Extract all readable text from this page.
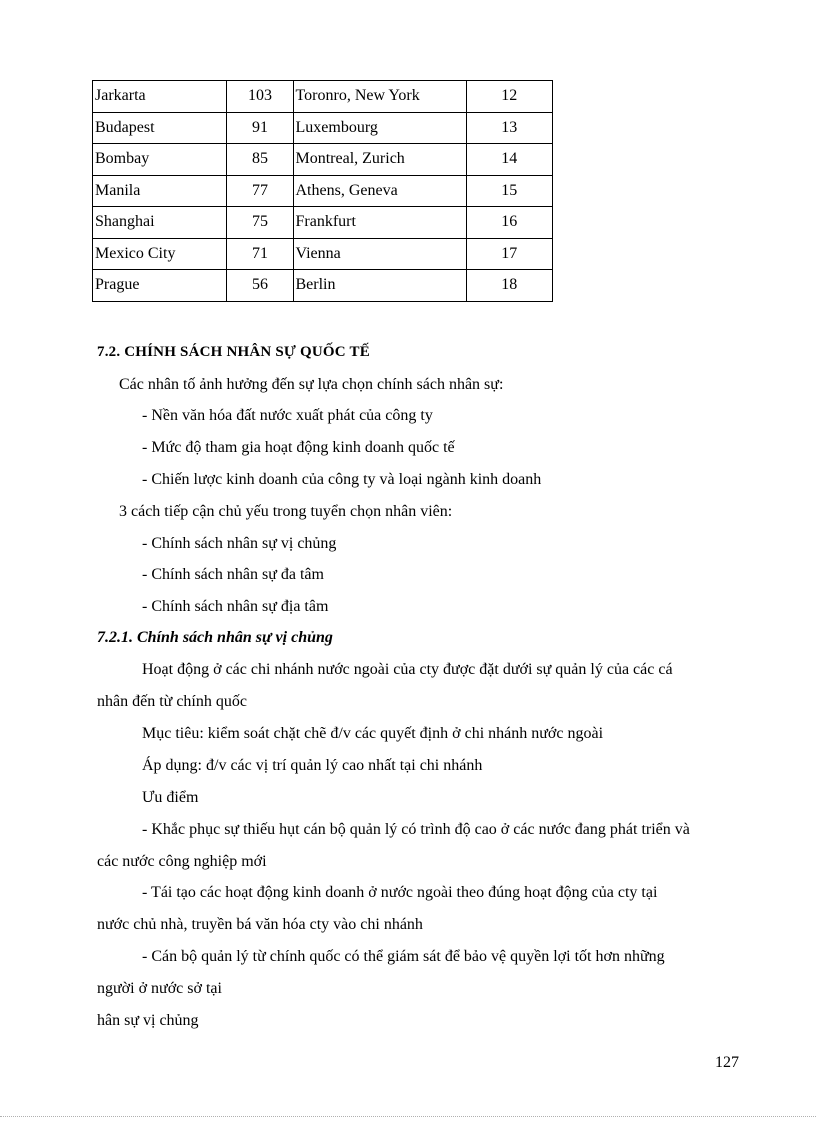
Jarkarta	103	Toronro, New York	12
Budapest	91	Luxembourg	13
Bombay	85	Montreal, Zurich	14
Manila	77	Athens, Geneva	15
Shanghai	75	Frankfurt	16
Mexico City	71	Vienna	17
Prague	56	Berlin	18
7.2. CHÍNH SÁCH NHÂN SỰ QUỐC TẾ
Các nhân tố ảnh hưởng đến sự lựa chọn chính sách nhân sự:
- Nền văn hóa đất nước xuất phát của công ty
- Mức độ tham gia hoạt động kinh doanh quốc tế
- Chiến lược kinh doanh của công ty và loại ngành kinh doanh
3 cách tiếp cận chủ yếu trong tuyển chọn nhân viên:
- Chính sách nhân sự vị chủng
- Chính sách nhân sự đa tâm
- Chính sách nhân sự địa tâm
7.2.1. Chính sách nhân sự vị chủng
Hoạt động ở các chi nhánh nước ngoài của cty được đặt dưới sự quản lý của các cá
nhân đến từ chính quốc
Mục tiêu: kiểm soát chặt chẽ đ/v các quyết định ở chi nhánh nước ngoài
Áp dụng: đ/v các vị trí quản lý cao nhất tại chi nhánh
Ưu điểm
- Khắc phục sự thiếu hụt cán bộ quản lý có trình độ cao ở các nước đang phát triển và
các nước công nghiệp mới
- Tái tạo các hoạt động kinh doanh ở nước ngoài theo đúng hoạt động của cty tại
nước chủ nhà, truyền bá văn hóa cty vào chi nhánh
- Cán bộ quản lý từ chính quốc có thể giám sát để bảo vệ quyền lợi tốt hơn những
người ở nước sở tại
hân sự vị chủng
127
